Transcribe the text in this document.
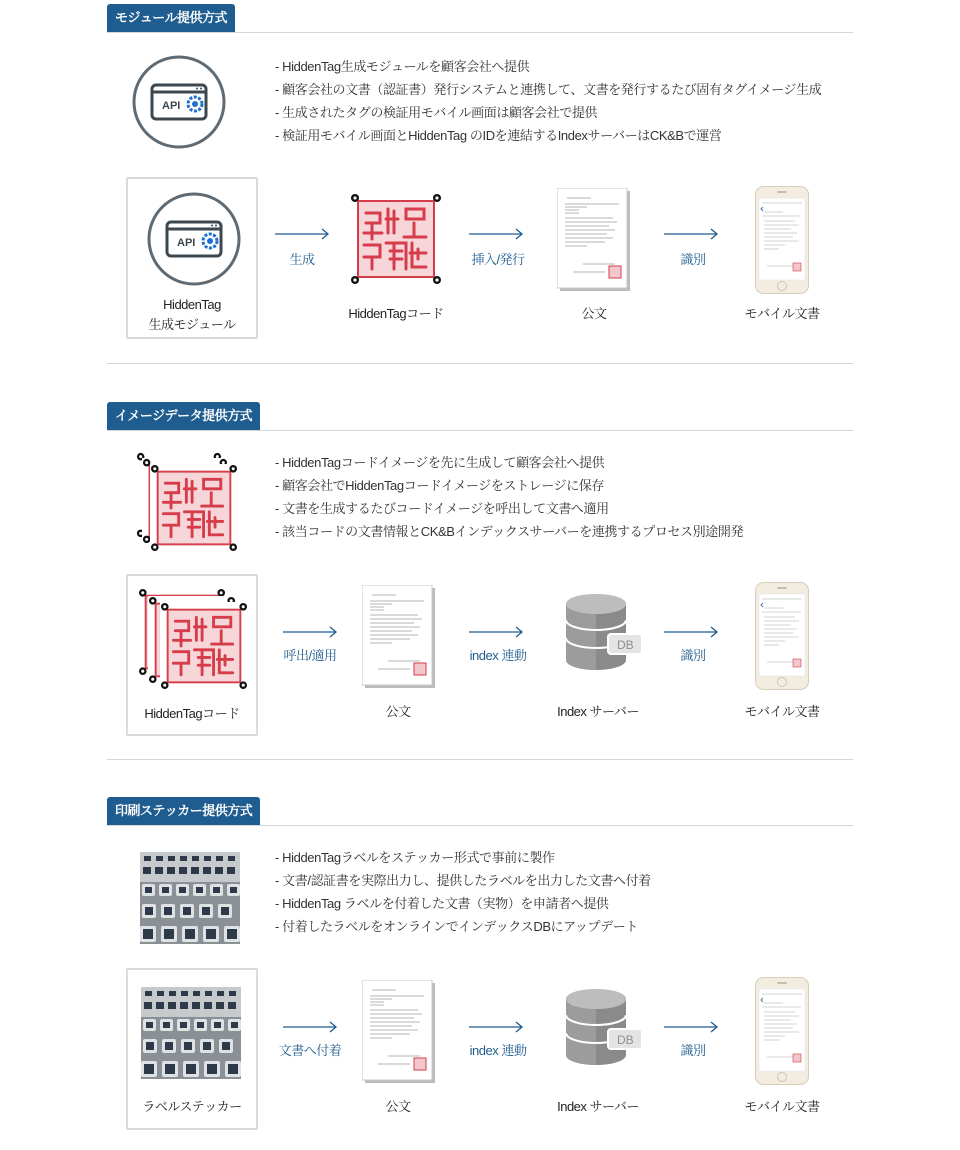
モジュール提供方式
API
- HiddenTag生成モジュールを顧客会社へ提供
- 顧客会社の文書（認証書）発行システムと連携して、文書を発行するたび固有タグイメージ生成
- 生成されたタグの検証用モバイル画面は顧客会社で提供
- 検証用モバイル画面とHiddenTag のIDを連結するIndexサーバーはCK&Bで運営
API
HiddenTag
生成モジュール
生成
HiddenTagコード
挿入/発行
公文
識別
モバイル文書
イメージデータ提供方式
- HiddenTagコードイメージを先に生成して顧客会社へ提供
- 顧客会社でHiddenTagコードイメージをストレージに保存
- 文書を生成するたびコードイメージを呼出して文書へ適用
- 該当コードの文書情報とCK&Bインデックスサーバーを連携するプロセス別途開発
HiddenTagコード
呼出/適用
公文
index 連動
DB
Index サーバー
識別
モバイル文書
印刷ステッカー提供方式
- HiddenTagラベルをステッカー形式で事前に製作
- 文書/認証書を実際出力し、提供したラベルを出力した文書へ付着
- HiddenTag ラベルを付着した文書（実物）を申請者へ提供
- 付着したラベルをオンラインでインデックスDBにアップデート
ラベルステッカー
文書へ付着
公文
index 連動
DB
Index サーバー
識別
モバイル文書
